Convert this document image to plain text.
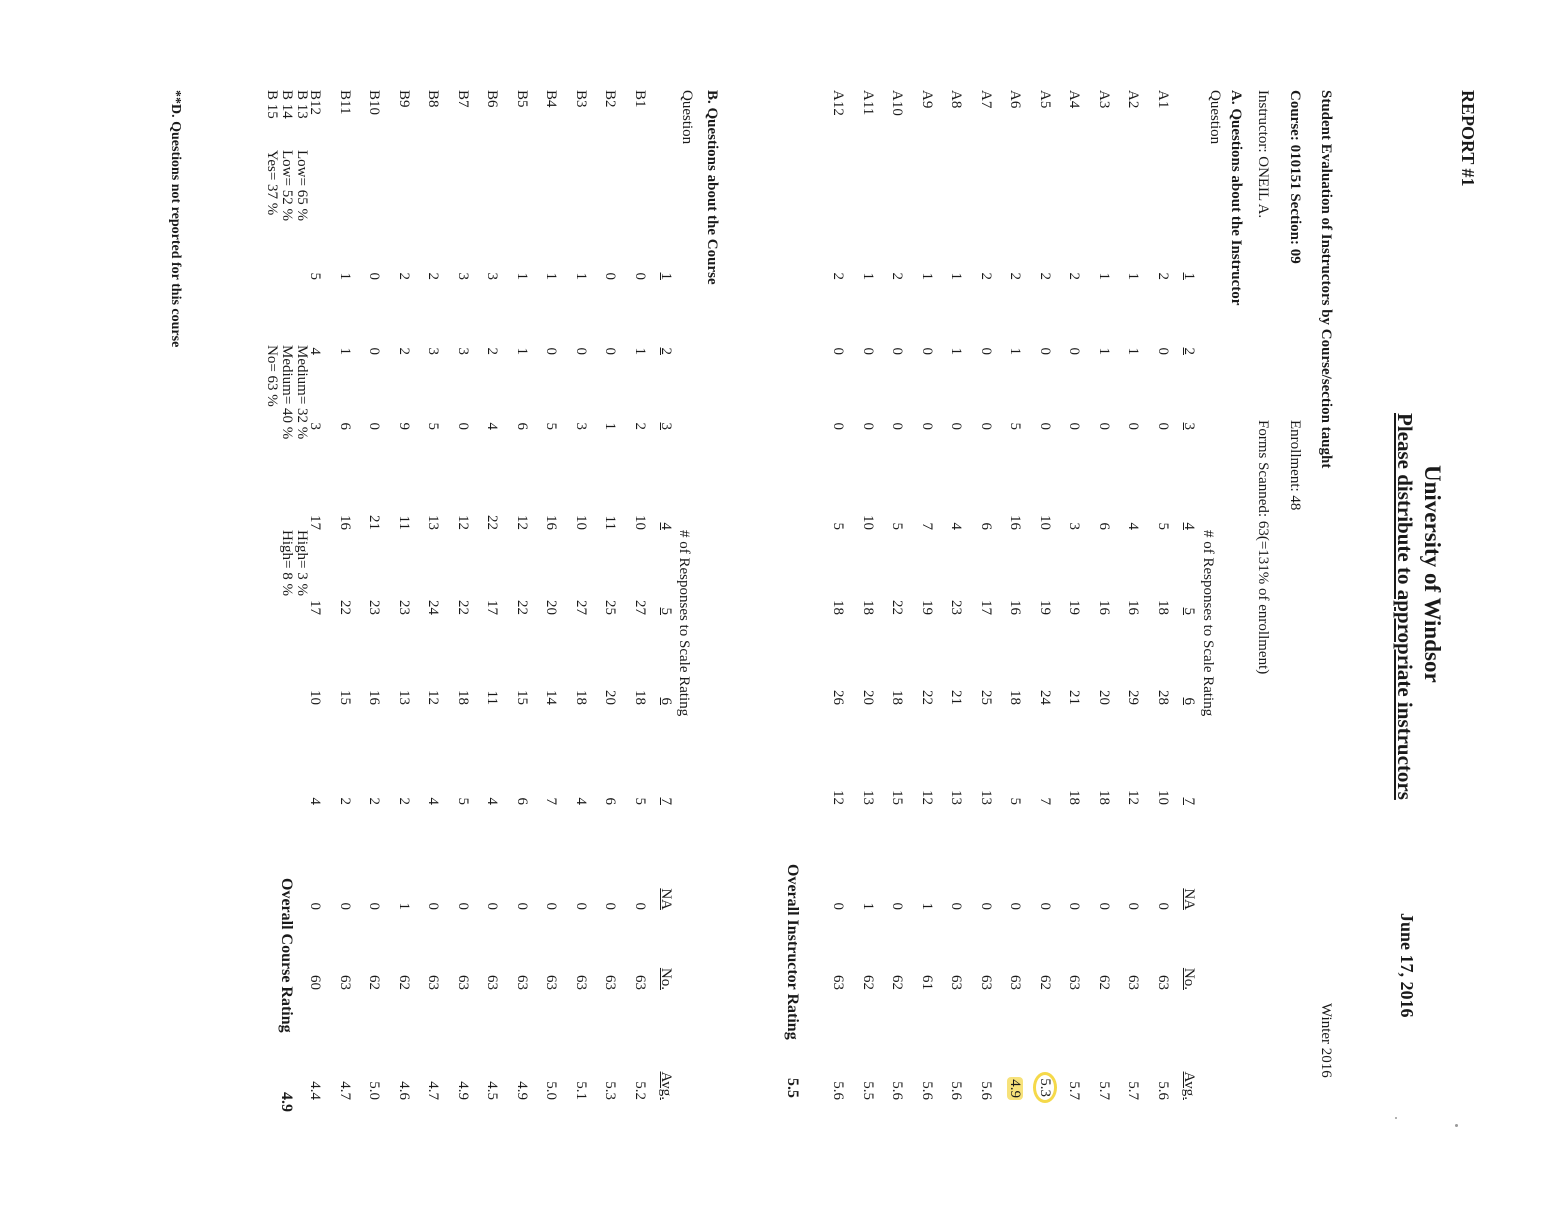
REPORT #1
University of Windsor
Please distribute to appropriate instructors
June 17, 2016
Student Evaluation of Instructors by Course/section taught
Winter 2016
Course: 010151 Section: 09
Enrollment: 48
Instructor: ONEIL A.
Forms Scanned: 63(=131% of enrollment)
A. Questions about the Instructor
Question
# of Responses to Scale Rating
1
2
3
4
5
6
7
NA
No.
Avg.
A1
2
0
0
5
18
28
10
0
63
5.6
A2
1
1
0
4
16
29
12
0
63
5.7
A3
1
1
0
6
16
20
18
0
62
5.7
A4
2
0
0
3
19
21
18
0
63
5.7
A5
2
0
0
10
19
24
7
0
62
5.3
A6
2
1
5
16
16
18
5
0
63
4.9
A7
2
0
0
6
17
25
13
0
63
5.6
A8
1
1
0
4
23
21
13
0
63
5.6
A9
1
0
0
7
19
22
12
1
61
5.6
A10
2
0
0
5
22
18
15
0
62
5.6
A11
1
0
0
10
18
20
13
1
62
5.5
A12
2
0
0
5
18
26
12
0
63
5.6
Overall Instructor Rating
5.5
B. Questions about the Course
Question
# of Responses to Scale Rating
1
2
3
4
5
6
7
NA
No.
Avg.
B1
0
1
2
10
27
18
5
0
63
5.2
B2
0
0
1
11
25
20
6
0
63
5.3
B3
1
0
3
10
27
18
4
0
63
5.1
B4
1
0
5
16
20
14
7
0
63
5.0
B5
1
1
6
12
22
15
6
0
63
4.9
B6
3
2
4
22
17
11
4
0
63
4.5
B7
3
3
0
12
22
18
5
0
63
4.9
B8
2
3
5
13
24
12
4
0
63
4.7
B9
2
2
9
11
23
13
2
1
62
4.6
B10
0
0
0
21
23
16
2
0
62
5.0
B11
1
1
6
16
22
15
2
0
63
4.7
B12
5
4
3
17
17
10
4
0
60
4.4
B 13
Low= 65 %
Medium= 32 %
High= 3 %
B 14
Low= 52 %
Medium= 40 %
High= 8 %
B 15
Yes= 37 %
No= 63 %
Overall Course Rating
4.9
**D. Questions not reported for this course
